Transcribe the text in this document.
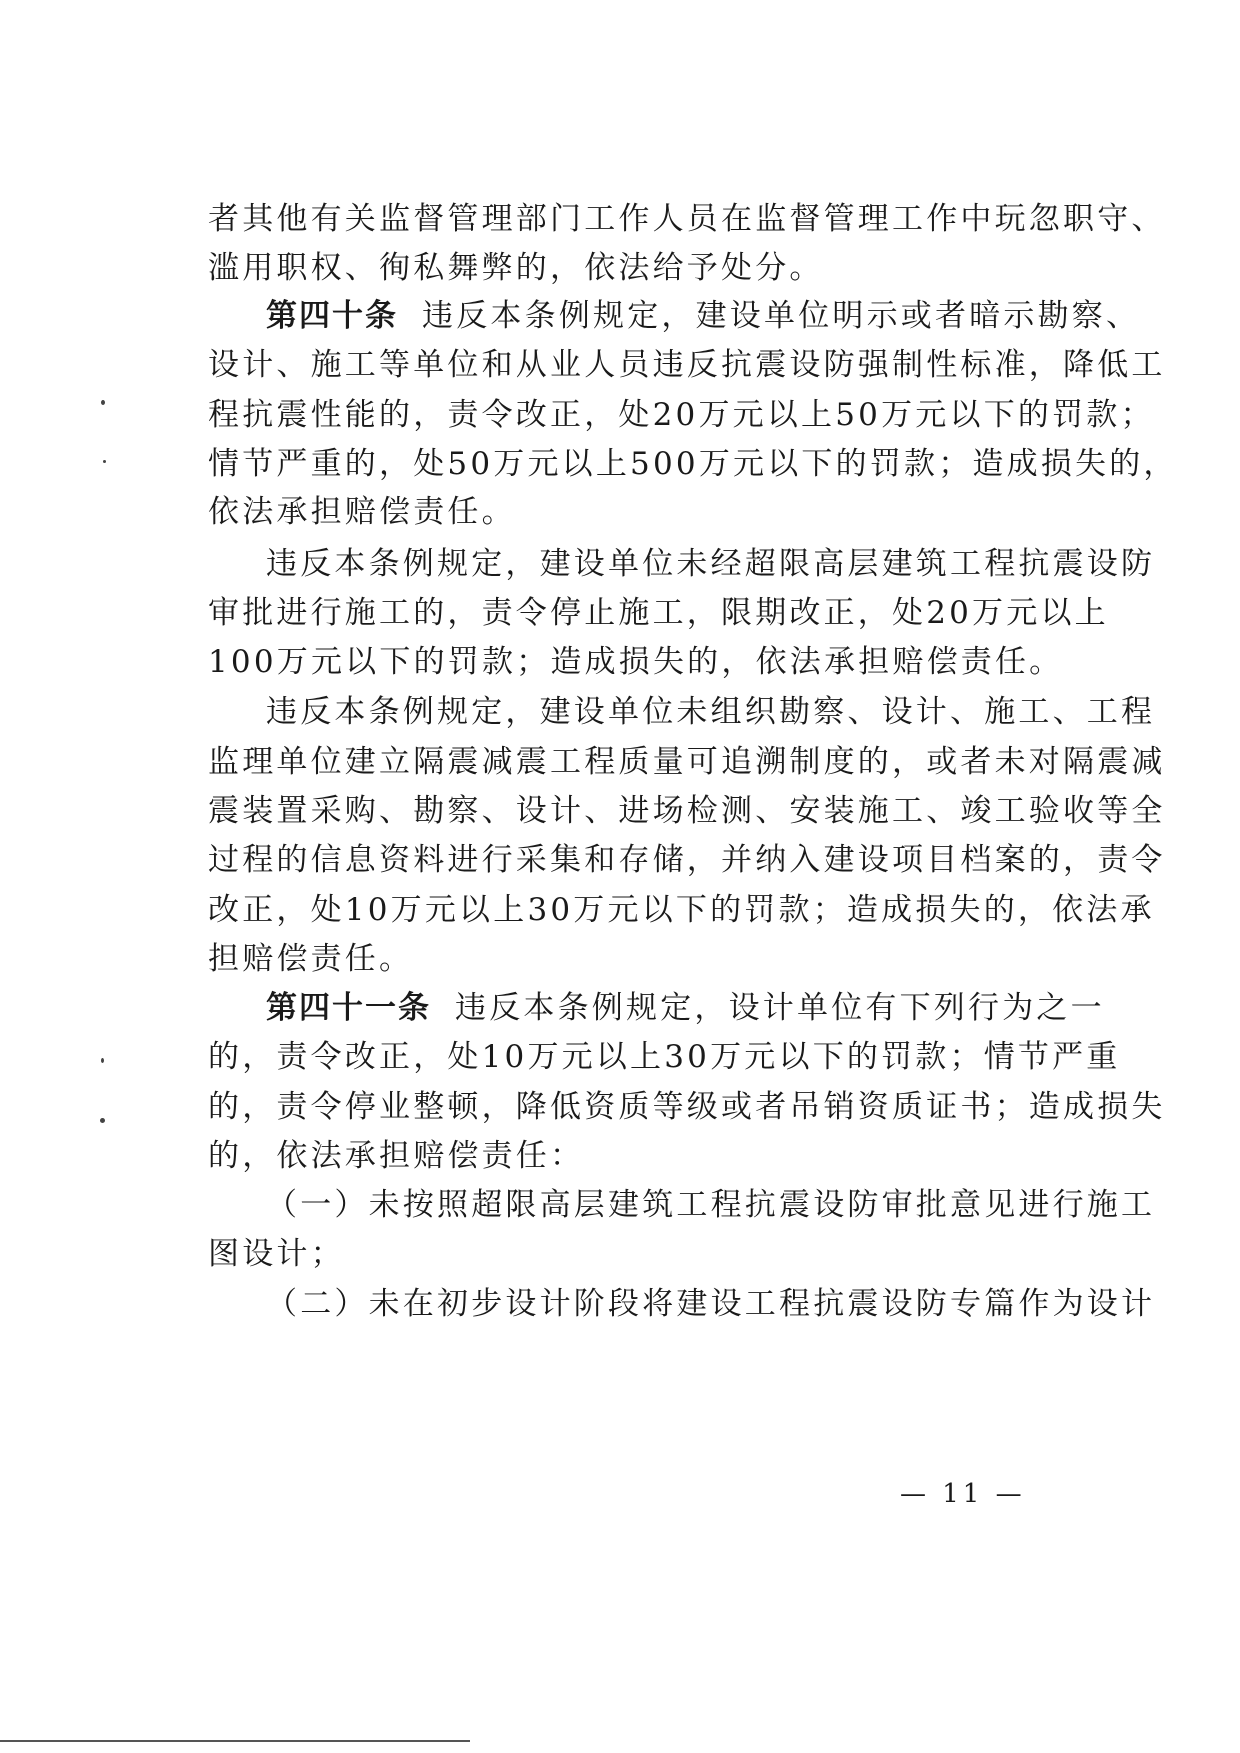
者其他有关监督管理部门工作人员在监督管理工作中玩忽职守、
滥用职权、徇私舞弊的，依法给予处分。
第四十条 违反本条例规定，建设单位明示或者暗示勘察、
设计、施工等单位和从业人员违反抗震设防强制性标准，降低工
程抗震性能的，责令改正，处20万元以上50万元以下的罚款；
情节严重的，处50万元以上500万元以下的罚款；造成损失的，
依法承担赔偿责任。
违反本条例规定，建设单位未经超限高层建筑工程抗震设防
审批进行施工的，责令停止施工，限期改正，处20万元以上
100万元以下的罚款；造成损失的，依法承担赔偿责任。
违反本条例规定，建设单位未组织勘察、设计、施工、工程
监理单位建立隔震减震工程质量可追溯制度的，或者未对隔震减
震装置采购、勘察、设计、进场检测、安装施工、竣工验收等全
过程的信息资料进行采集和存储，并纳入建设项目档案的，责令
改正，处10万元以上30万元以下的罚款；造成损失的，依法承
担赔偿责任。
第四十一条 违反本条例规定，设计单位有下列行为之一
的，责令改正，处10万元以上30万元以下的罚款；情节严重
的，责令停业整顿，降低资质等级或者吊销资质证书；造成损失
的，依法承担赔偿责任：
（一）未按照超限高层建筑工程抗震设防审批意见进行施工
图设计；
（二）未在初步设计阶段将建设工程抗震设防专篇作为设计
— 11 —
